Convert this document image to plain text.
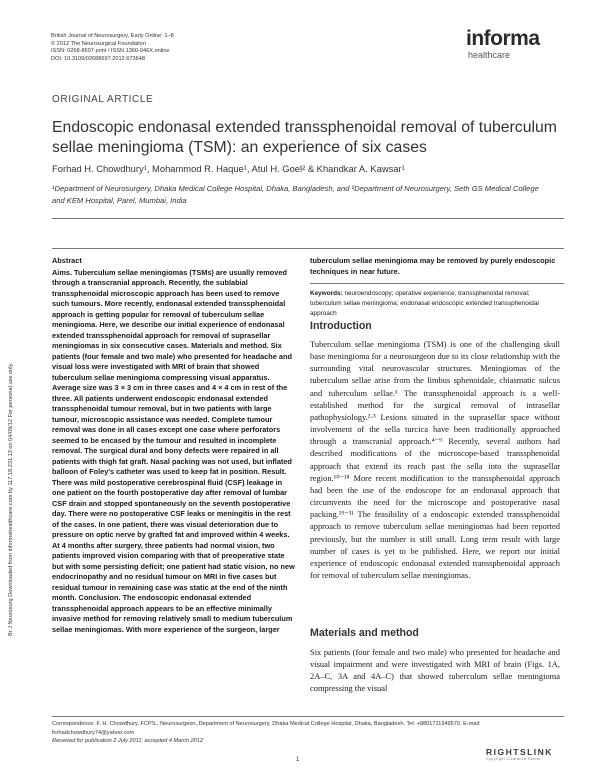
British Journal of Neurosurgery, Early Online: 1–8
© 2012 The Neurosurgical Foundation
ISSN: 0268-8697 print / ISSN 1360-046X online
DOI: 10.3109/02688697.2012.673648
informa
healthcare
Br J Neurosurg Downloaded from informahealthcare.com by 117.18.231.13 on 04/09/12 For personal use only.
ORIGINAL ARTICLE
Endoscopic endonasal extended transsphenoidal removal of tuberculum sellae meningioma (TSM): an experience of six cases
Forhad H. Chowdhury¹, Mohammod R. Haque¹, Atul H. Goel² & Khandkar A. Kawsar¹
¹Department of Neurosurgery, Dhaka Medical College Hospital, Dhaka, Bangladesh, and ²Department of Neurosurgery, Seth GS Medical College and KEM Hospital, Parel, Mumbai, India
Abstract
Aims. Tuberculum sellae meningiomas (TSMs) are usually removed through a transcranial approach. Recently, the sublabial transsphenoidal microscopic approach has been used to remove such tumours. More recently, endonasal extended transsphenoidal approach is getting popular for removal of tuberculum sellae meningioma. Here, we describe our initial experience of endonasal extended transsphenoidal approach for removal of suprasellar meningiomas in six consecutive cases. Materials and method. Six patients (four female and two male) who presented for headache and visual loss were investigated with MRI of brain that showed tuberculum sellae meningioma compressing visual apparatus. Average size was 3 × 3 cm in three cases and 4 × 4 cm in rest of the three. All patients underwent endoscopic endonasal extended transsphenoidal tumour removal, but in two patients with large tumour, microscopic assistance was needed. Complete tumour removal was done in all cases except one case where perforators seemed to be encased by the tumour and resulted in incomplete removal. The surgical dural and bony defects were repaired in all patients with thigh fat graft. Nasal packing was not used, but inflated balloon of Foley's catheter was used to keep fat in position. Result. There was mild postoperative cerebrospinal fluid (CSF) leakage in one patient on the fourth postoperative day after removal of lumbar CSF drain and stopped spontaneously on the seventh postoperative day. There were no postoperative CSF leaks or meningitis in the rest of the cases. In one patient, there was visual deterioration due to pressure on optic nerve by grafted fat and improved within 4 weeks. At 4 months after surgery, three patients had normal vision, two patients improved vision comparing with that of preoperative state but with some persisting deficit; one patient had static vision, no new endocrinopathy and no residual tumour on MRI in five cases but residual tumour in remaining case was static at the end of the ninth month. Conclusion. The endoscopic endonasal extended transsphenoidal approach appears to be an effective minimally invasive method for removing relatively small to medium tuberculum sellae meningiomas. With more experience of the surgeon, larger
tuberculum sellae meningioma may be removed by purely endoscopic techniques in near future.
Keywords: neuroendoscopy; operative experience; transsphenoidal removal; tuberculum sellae meningioma; endonasal endoscopic extended transsphenoidal approach
Introduction
Tuberculum sellae meningioma (TSM) is one of the challenging skull base meningioma for a neurosurgeon due to its close relationship with the surrounding vital neurovascular structures. Meningiomas of the tuberculum sellae arise from the limbus sphenoidale, chiasmatic sulcus and tuberculum sellae.¹ The transsphenoidal approach is a well-established method for the surgical removal of intrasellar pathophysiology.²·³ Lesions situated in the suprasellar space without involvement of the sella turcica have been traditionally approached through a transcranial approach.⁴⁻⁹ Recently, several authors had described modifications of the microscope-based transsphenoidal approach that extend its reach past the sella into the suprasellar region.¹⁰⁻¹⁸ More recent modification to the transsphenoidal approach had been the use of the endoscope for an endonasal approach that circumvents the need for the microscope and postoperative nasal packing.¹⁹⁻³¹ The feasibility of a endoscopic extended transsphenoidal approach to remove tuberculum sellae meningiomas had been reported previously, but the number is still small. Long term result with large number of cases is yet to be published. Here, we report our initial experience of endoscopic endonasal extended transsphenoidal approach for removal of tuberculum sellae meningiomas.
Materials and method
Six patients (four female and two male) who presented for headache and visual impairment and were investigated with MRI of brain (Figs. 1A, 2A–C, 3A and 4A–C) that showed tuberculum sellae meningioma compressing the visual
Correspondence: F. H. Chowdhury, FCPS., Neurosurgeon, Department of Neurosurgery, Dhaka Medical College Hospital, Dhaka, Bangladesh. Tel: +8801711949570. E-mail: forhadchowdhury74@yahoo.com
Received for publication 2 July 2011; accepted 4 March 2012
1
RIGHTSLINK
Copyright Clearance Center
